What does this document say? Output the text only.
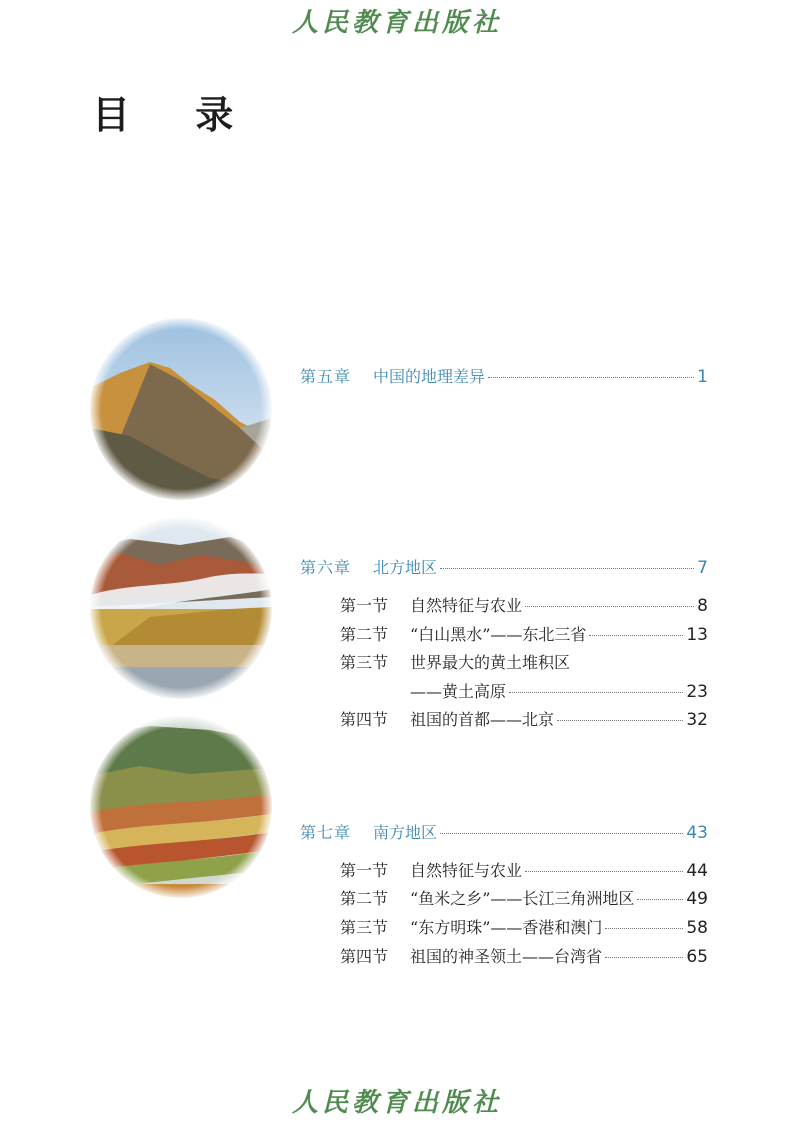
人民教育出版社
目 录
第五章 中国的地理差异	1
第六章 北方地区	7
第一节 自然特征与农业	8
第二节 “白山黑水”——东北三省	13
第三节 世界最大的黄土堆积区
——黄土高原	23
第四节 祖国的首都——北京	32
第七章 南方地区	43
第一节 自然特征与农业	44
第二节 “鱼米之乡”——长江三角洲地区	49
第三节 “东方明珠”——香港和澳门	58
第四节 祖国的神圣领土——台湾省	65
人民教育出版社
